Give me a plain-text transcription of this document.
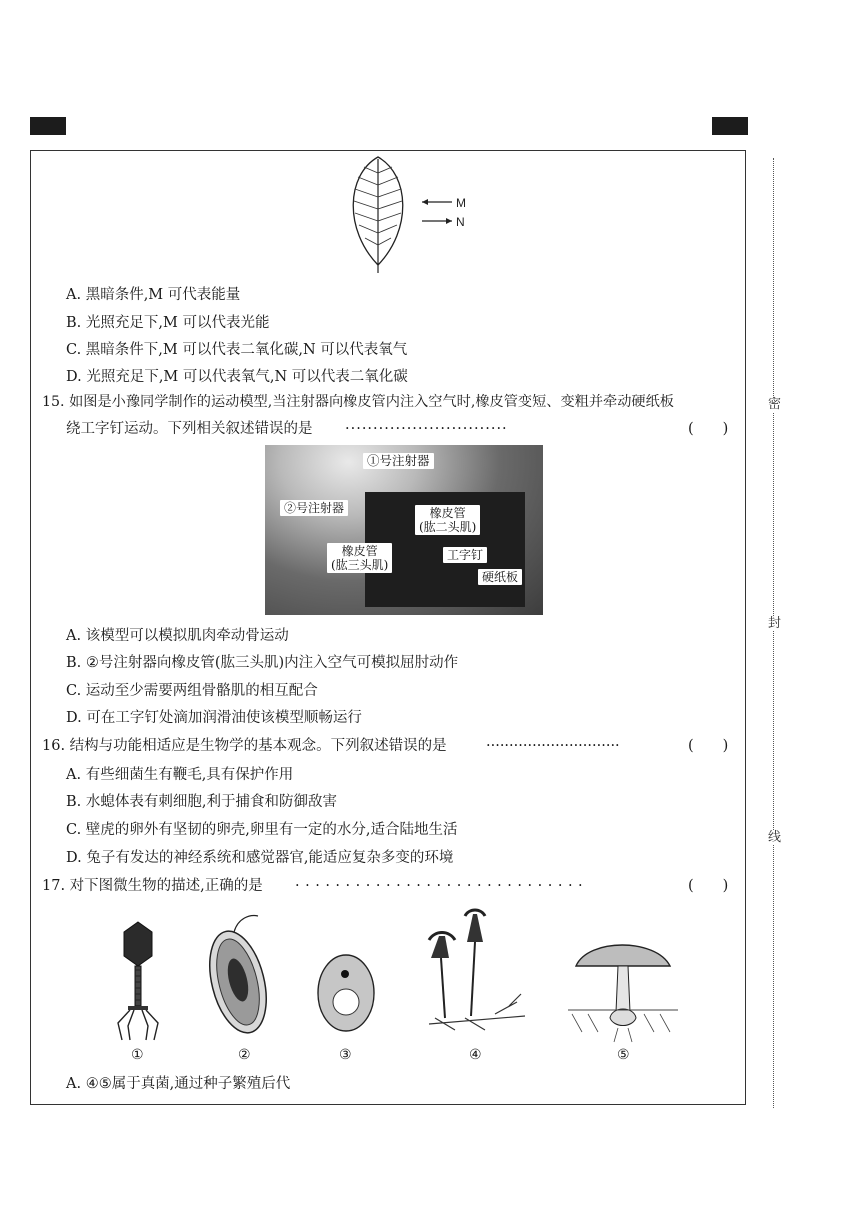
密
封
线
M
N
A. 黑暗条件,M 可代表能量
B. 光照充足下,M 可以代表光能
C. 黑暗条件下,M 可以代表二氧化碳,N 可以代表氧气
D. 光照充足下,M 可以代表氧气,N 可以代表二氧化碳
15. 如图是小豫同学制作的运动模型,当注射器向橡皮管内注入空气时,橡皮管变短、变粗并牵动硬纸板
绕工字钉运动。下列相关叙述错误的是 ·····························	(　　)
①号注射器
②号注射器	橡皮管
(肱二头肌)
橡皮管
(肱三头肌)
工字钉
硬纸板
A. 该模型可以模拟肌肉牵动骨运动
B. ②号注射器向橡皮管(肱三头肌)内注入空气可模拟屈肘动作
C. 运动至少需要两组骨骼肌的相互配合
D. 可在工字钉处滴加润滑油使该模型顺畅运行
16. 结构与功能相适应是生物学的基本观念。下列叙述错误的是	·····························	(　　)
A. 有些细菌生有鞭毛,具有保护作用
B. 水螅体表有刺细胞,利于捕食和防御敌害
C. 壁虎的卵外有坚韧的卵壳,卵里有一定的水分,适合陆地生活
D. 兔子有发达的神经系统和感觉器官,能适应复杂多变的环境
17. 对下图微生物的描述,正确的是 ·····························	(　　)
①	②	③	④	⑤
A. ④⑤属于真菌,通过种子繁殖后代
